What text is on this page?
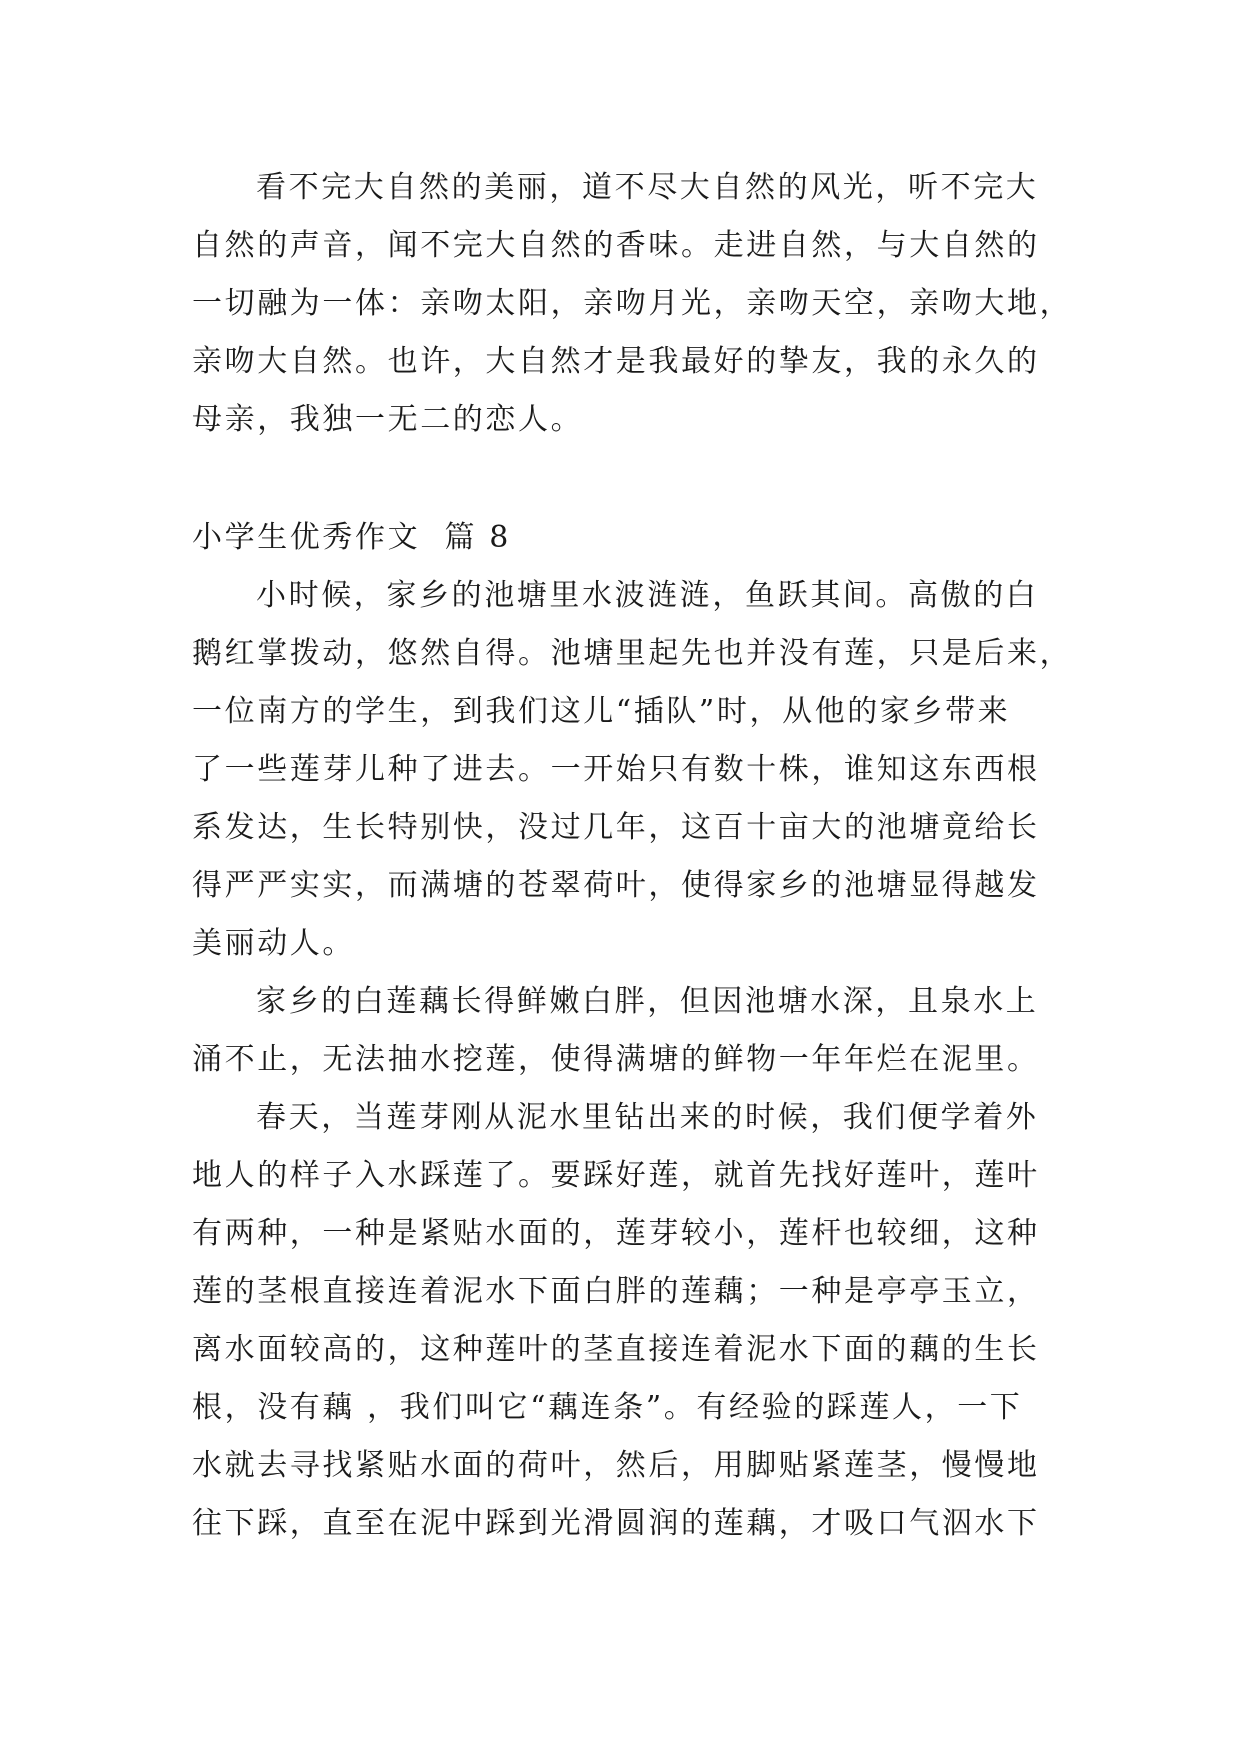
看不完大自然的美丽，道不尽大自然的风光，听不完大
自然的声音，闻不完大自然的香味。走进自然，与大自然的
一切融为一体：亲吻太阳，亲吻月光，亲吻天空，亲吻大地，
亲吻大自然。也许，大自然才是我最好的挚友，我的永久的
母亲，我独一无二的恋人。
小学生优秀作文  篇 8
小时候，家乡的池塘里水波涟涟，鱼跃其间。高傲的白
鹅红掌拨动，悠然自得。池塘里起先也并没有莲，只是后来，
一位南方的学生，到我们这儿“插队”时，从他的家乡带来
了一些莲芽儿种了进去。一开始只有数十株，谁知这东西根
系发达，生长特别快，没过几年，这百十亩大的池塘竟给长
得严严实实，而满塘的苍翠荷叶，使得家乡的池塘显得越发
美丽动人。
家乡的白莲藕长得鲜嫩白胖，但因池塘水深，且泉水上
涌不止，无法抽水挖莲，使得满塘的鲜物一年年烂在泥里。
春天，当莲芽刚从泥水里钻出来的时候，我们便学着外
地人的样子入水踩莲了。要踩好莲，就首先找好莲叶，莲叶
有两种，一种是紧贴水面的，莲芽较小，莲杆也较细，这种
莲的茎根直接连着泥水下面白胖的莲藕；一种是亭亭玉立，
离水面较高的，这种莲叶的茎直接连着泥水下面的藕的生长
根，没有藕 ，我们叫它“藕连条”。有经验的踩莲人，一下
水就去寻找紧贴水面的荷叶，然后，用脚贴紧莲茎，慢慢地
往下踩，直至在泥中踩到光滑圆润的莲藕，才吸口气泅水下
